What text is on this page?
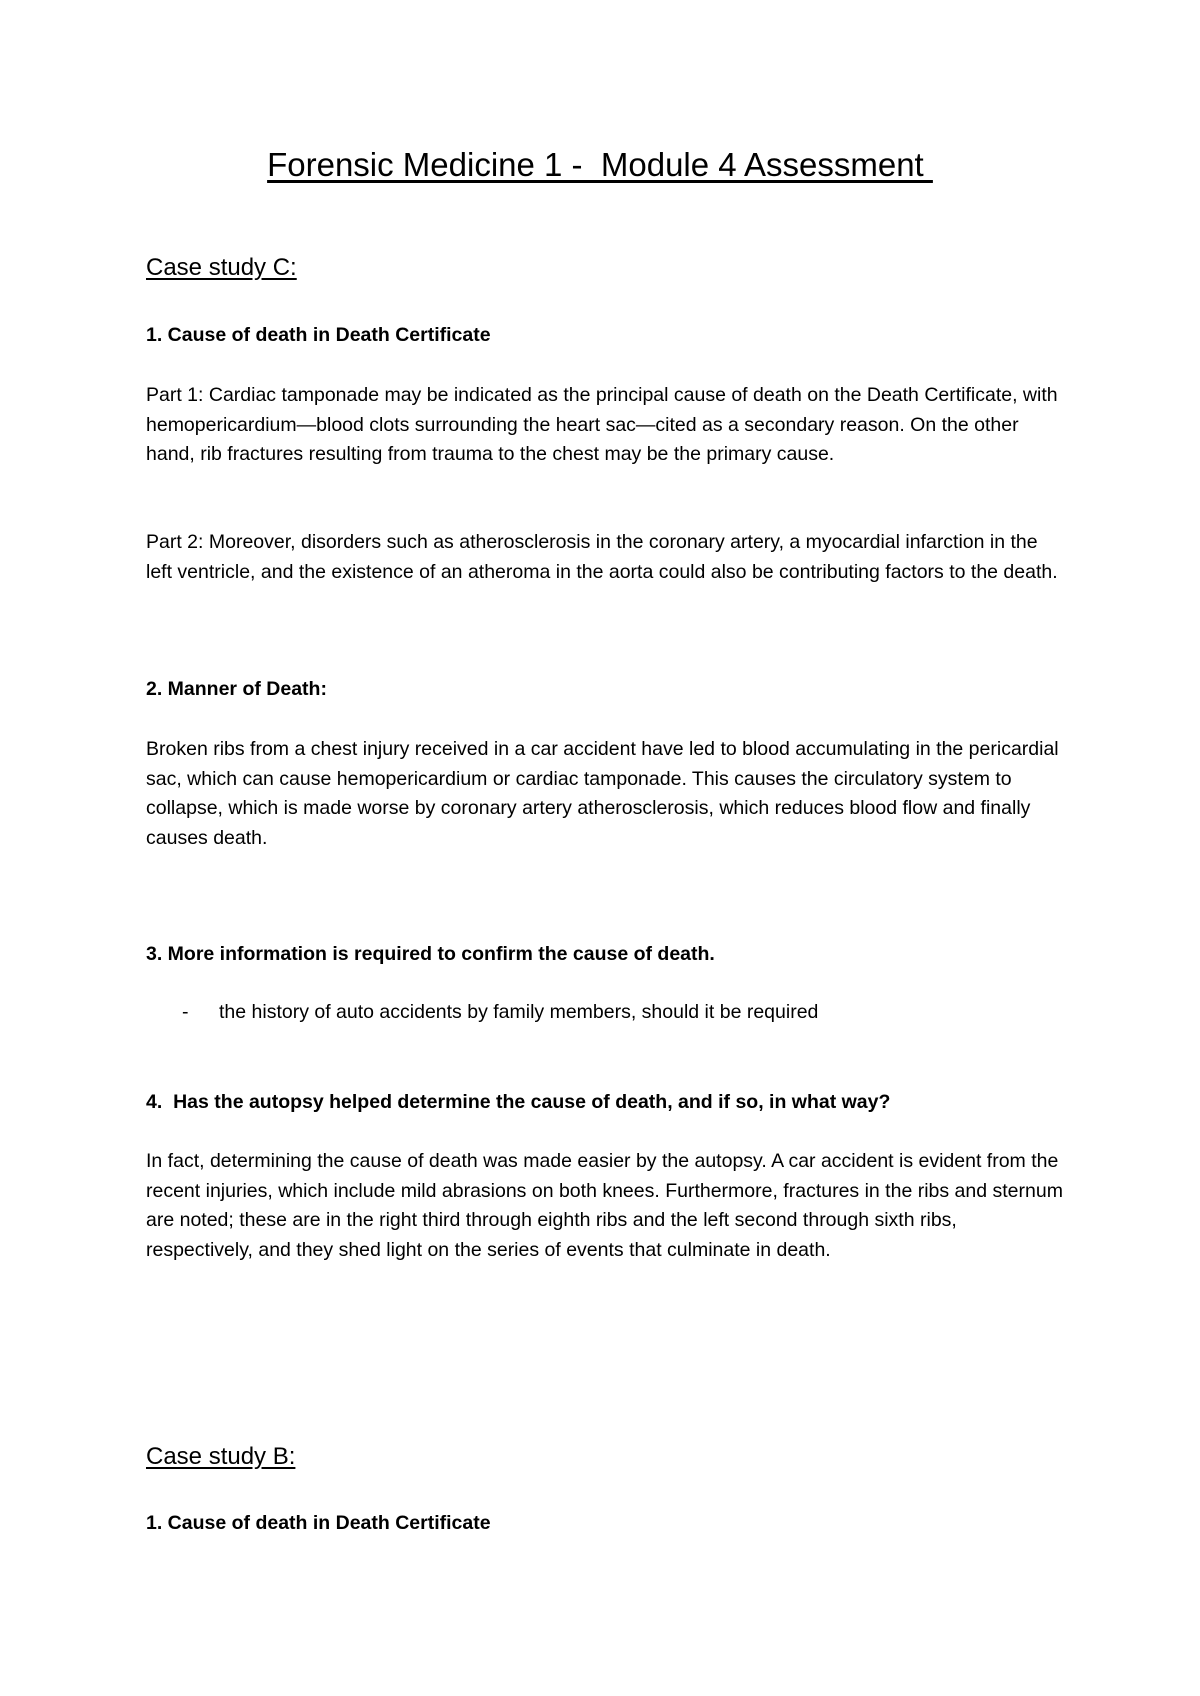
Forensic Medicine 1 -  Module 4 Assessment
Case study C:
1. Cause of death in Death Certificate

Part 1: Cardiac tamponade may be indicated as the principal cause of death on the Death Certificate, with hemopericardium—blood clots surrounding the heart sac—cited as a secondary reason. On the other hand, rib fractures resulting from trauma to the chest may be the primary cause.

Part 2: Moreover, disorders such as atherosclerosis in the coronary artery, a myocardial infarction in the left ventricle, and the existence of an atheroma in the aorta could also be contributing factors to the death.

2. Manner of Death:

Broken ribs from a chest injury received in a car accident have led to blood accumulating in the pericardial sac, which can cause hemopericardium or cardiac tamponade. This causes the circulatory system to collapse, which is made worse by coronary artery atherosclerosis, which reduces blood flow and finally causes death.

3. More information is required to confirm the cause of death.
- the history of auto accidents by family members, should it be required
4.  Has the autopsy helped determine the cause of death, and if so, in what way?

In fact, determining the cause of death was made easier by the autopsy. A car accident is evident from the recent injuries, which include mild abrasions on both knees. Furthermore, fractures in the ribs and sternum are noted; these are in the right third through eighth ribs and the left second through sixth ribs, respectively, and they shed light on the series of events that culminate in death.

Case study B:
1. Cause of death in Death Certificate
